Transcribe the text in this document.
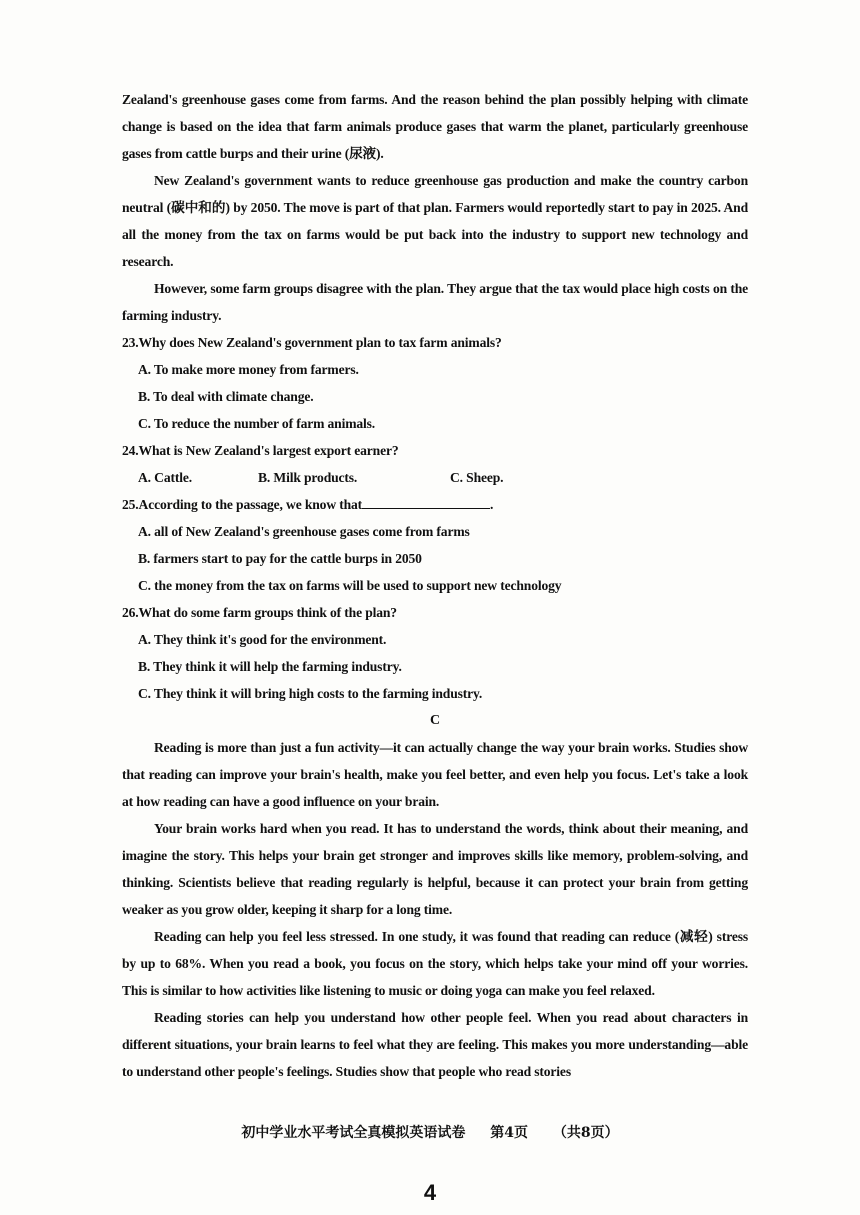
Zealand's greenhouse gases come from farms. And the reason behind the plan possibly helping with climate change is based on the idea that farm animals produce gases that warm the planet, particularly greenhouse gases from cattle burps and their urine (尿液).

New Zealand's government wants to reduce greenhouse gas production and make the country carbon neutral (碳中和的) by 2050. The move is part of that plan. Farmers would reportedly start to pay in 2025. And all the money from the tax on farms would be put back into the industry to support new technology and research.

However, some farm groups disagree with the plan. They argue that the tax would place high costs on the farming industry.

23.Why does New Zealand's government plan to tax farm animals?

A. To make more money from farmers.

B. To deal with climate change.

C. To reduce the number of farm animals.

24.What is New Zealand's largest export earner?

A. Cattle.	B. Milk products.	C. Sheep.

25.According to the passage, we know that	.

A. all of New Zealand's greenhouse gases come from farms

B. farmers start to pay for the cattle burps in 2050

C. the money from the tax on farms will be used to support new technology

26.What do some farm groups think of the plan?

A. They think it's good for the environment.

B. They think it will help the farming industry.

C. They think it will bring high costs to the farming industry.

C

Reading is more than just a fun activity—it can actually change the way your brain works. Studies show that reading can improve your brain's health, make you feel better, and even help you focus. Let's take a look at how reading can have a good influence on your brain.

Your brain works hard when you read. It has to understand the words, think about their meaning, and imagine the story. This helps your brain get stronger and improves skills like memory, problem-solving, and thinking. Scientists believe that reading regularly is helpful, because it can protect your brain from getting weaker as you grow older, keeping it sharp for a long time.

Reading can help you feel less stressed. In one study, it was found that reading can reduce (减轻) stress by up to 68%. When you read a book, you focus on the story, which helps take your mind off your worries. This is similar to how activities like listening to music or doing yoga can make you feel relaxed.

Reading stories can help you understand how other people feel. When you read about characters in different situations, your brain learns to feel what they are feeling. This makes you more understanding—able to understand other people's feelings. Studies show that people who read stories

初中学业水平考试全真模拟英语试卷 第4页 （共8页）
4
